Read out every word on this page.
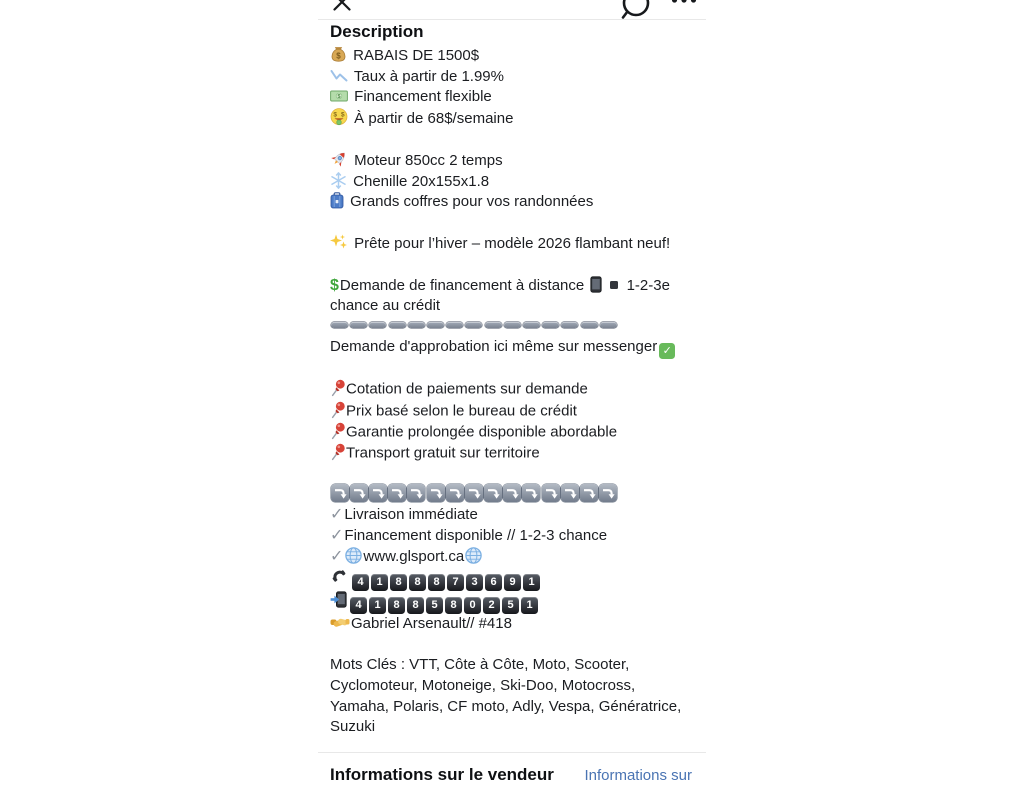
Description
$ RABAIS DE 1500$
Taux à partir de 1.99%
$ Financement flexible
$ $ À partir de 68$/semaine
Moteur 850cc 2 temps
Chenille 20x155x1.8
Grands coffres pour vos randonnées
Prête pour l’hiver – modèle 2026 flambant neuf!
$Demande de financement à distance
1-2-3e chance au crédit
Demande d'approbation ici même sur messenger ✓
Cotation de paiements sur demande
Prix basé selon le bureau de crédit
Garantie prolongée disponible abordable
Transport gratuit sur territoire
✓Livraison immédiate
✓Financement disponible // 1-2-3 chance
✓ www.glsport.ca
4 1 8 8 8 7 3 6 9 1
4 1 8 8 5 8 0 2 5 1
Gabriel Arsenault// #418
Mots Clés : VTT, Côte à Côte, Moto, Scooter, Cyclomoteur, Motoneige, Ski-Doo, Motocross, Yamaha, Polaris, CF moto, Adly, Vespa, Génératrice, Suzuki
Informations sur le vendeur Informations sur
